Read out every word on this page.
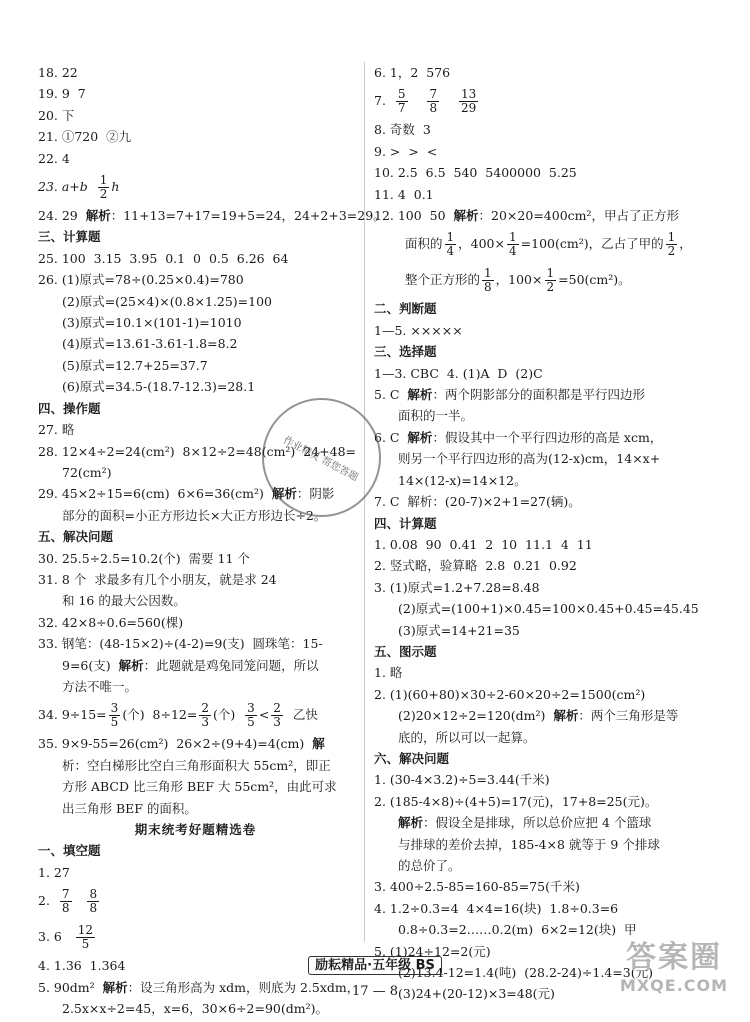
18. 22
19. 9  7
20. 下
21. ①720  ②九
22. 4
23. $a+b \frac{1}{2}$ h
24. 29  解析：11+13=7+17=19+5=24，24+2+3=29。
三、计算题
25. 100  3.15  3.95  0.1  0  0.5  6.26  64
26. (1)原式=78÷(0.25×0.4)=780
(2)原式=(25×4)×(0.8×1.25)=100
(3)原式=10.1×(101-1)=1010
(4)原式=13.61-3.61-1.8=8.2
(5)原式=12.7+25=37.7
(6)原式=34.5-(18.7-12.3)=28.1
四、操作题
27. 略
28. 12×4÷2=24(cm²)  8×12÷2=48(cm²)  24+48=
72(cm²)
29. 45×2÷15=6(cm)  6×6=36(cm²)  解析：阴影
部分的面积=小正方形边长×大正方形边长÷2。
五、解决问题
30. 25.5÷2.5=10.2(个)  需要 11 个
31. 8 个  求最多有几个小朋友，就是求 24
和 16 的最大公因数。
32. 42×8÷0.6=560(棵)
33. 钢笔：(48-15×2)÷(4-2)=9(支)  圆珠笔：15-
9=6(支)  解析：此题就是鸡兔同笼问题，所以
方法不唯一。
34. $9\div 15= \frac{3}{5}$ (个)  $8\div 12= \frac{2}{3}$ (个) $\frac{3}{5} < \frac{2}{3}$ 乙快
35. 9×9-55=26(cm²)  26×2÷(9+4)=4(cm)  解
析：空白梯形比空白三角形面积大 55cm²，即正
方形 ABCD 比三角形 BEF 大 55cm²，由此可求
出三角形 BEF 的面积。
期末统考好题精选卷
一、填空题
1. 27
2. $\frac{7}{8}$
$\frac{8}{8}$
3. $6 \frac{12}{5}$
4. 1.36  1.364
5. 90dm²  解析：设三角形高为 xdm，则底为 2.5xdm，
2.5x×x÷2=45，x=6，30×6÷2=90(dm²)。
6. 1，2  576
7. $\frac{5}{7}$
$\frac{7}{8}$
$\frac{13}{29}$
8. 奇数  3
9. >  >  <
10. 2.5  6.5  540  5400000  5.25
11. 4  0.1
12. 100  50  解析：20×20=400cm²，甲占了正方形
面积的 $\frac{1}{4}$ ，$400\times \frac{1}{4} =100(cm^2)$，乙占了甲的 $\frac{1}{2}$ ，
整个正方形的 $\frac{1}{8}$ ，$100\times \frac{1}{2} =50(cm^2)$。
二、判断题
1—5. ×××××
三、选择题
1—3. CBC  4. (1)A  D  (2)C
5. C  解析：两个阴影部分的面积都是平行四边形
面积的一半。
6. C  解析：假设其中一个平行四边形的高是 xcm，
则另一个平行四边形的高为(12-x)cm，14×x+
14×(12-x)=14×12。
7. C  解析：(20-7)×2+1=27(辆)。
四、计算题
1. 0.08  90  0.41  2  10  11.1  4  11
2. 竖式略，验算略  2.8  0.21  0.92
3. (1)原式=1.2+7.28=8.48
(2)原式=(100+1)×0.45=100×0.45+0.45=45.45
(3)原式=14+21=35
五、图示题
1. 略
2. (1)(60+80)×30÷2-60×20÷2=1500(cm²)
(2)20×12÷2=120(dm²)  解析：两个三角形是等
底的，所以可以一起算。
六、解决问题
1. (30-4×3.2)÷5=3.44(千米)
2. (185-4×8)÷(4+5)=17(元)，17+8=25(元)。
解析：假设全是排球，所以总价应把 4 个篮球
与排球的差价去掉，185-4×8 就等于 9 个排球
的总价了。
3. 400÷2.5-85=160-85=75(千米)
4. 1.2÷0.3=4  4×4=16(块)  1.8÷0.3=6
0.8÷0.3=2……0.2(m)  6×2=12(块)  甲
5. (1)24÷12=2(元)
(2)13.4-12=1.4(吨)  (28.2-24)÷1.4=3(元)
(3)24+(20-12)×3=48(元)
作业精灵 帮您答题
励耘精品·五年级 BS
17 — 8
答案圈
MXQE.COM
